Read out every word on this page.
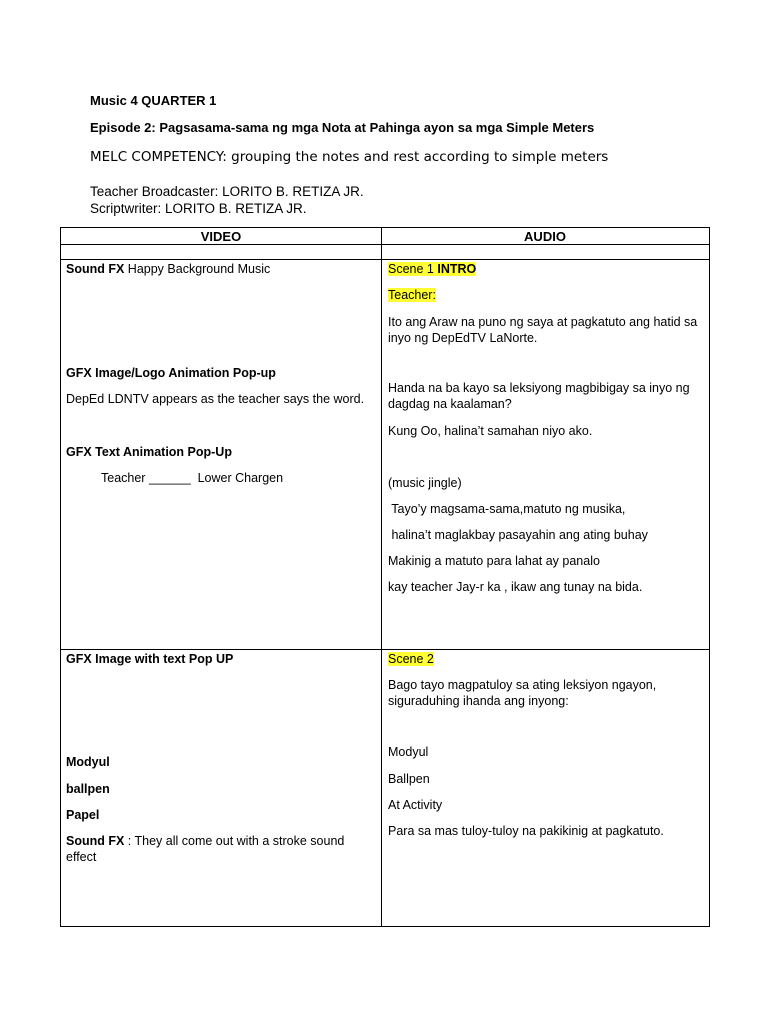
Music 4 QUARTER 1
Episode 2: Pagsasama-sama ng mga Nota at Pahinga ayon sa mga Simple Meters
MELC COMPETENCY: grouping the notes and rest according to simple meters
Teacher Broadcaster: LORITO B. RETIZA JR.
Scriptwriter: LORITO B. RETIZA JR.
VIDEO	AUDIO

Sound FX Happy Background Music

GFX Image/Logo Animation Pop-up

DepEd LDNTV appears as the teacher says the word.

GFX Text Animation Pop-Up

Teacher ______  Lower Chargen

Scene 1 INTRO

Teacher:

Ito ang Araw na puno ng saya at pagkatuto ang hatid sa inyo ng DepEdTV LaNorte.

Handa na ba kayo sa leksiyong magbibigay sa inyo ng dagdag na kaalaman?

Kung Oo, halina’t samahan niyo ako.

(music jingle)

Tayo’y magsama-sama,matuto ng musika,

halina’t maglakbay pasayahin ang ating buhay

Makinig a matuto para lahat ay panalo

kay teacher Jay-r ka , ikaw ang tunay na bida.

GFX Image with text Pop UP

Modyul

ballpen

Papel

Sound FX : They all come out with a stroke sound effect

Scene 2

Bago tayo magpatuloy sa ating leksiyon ngayon, siguraduhing ihanda ang inyong:

Modyul

Ballpen

At Activity

Para sa mas tuloy-tuloy na pakikinig at pagkatuto.
